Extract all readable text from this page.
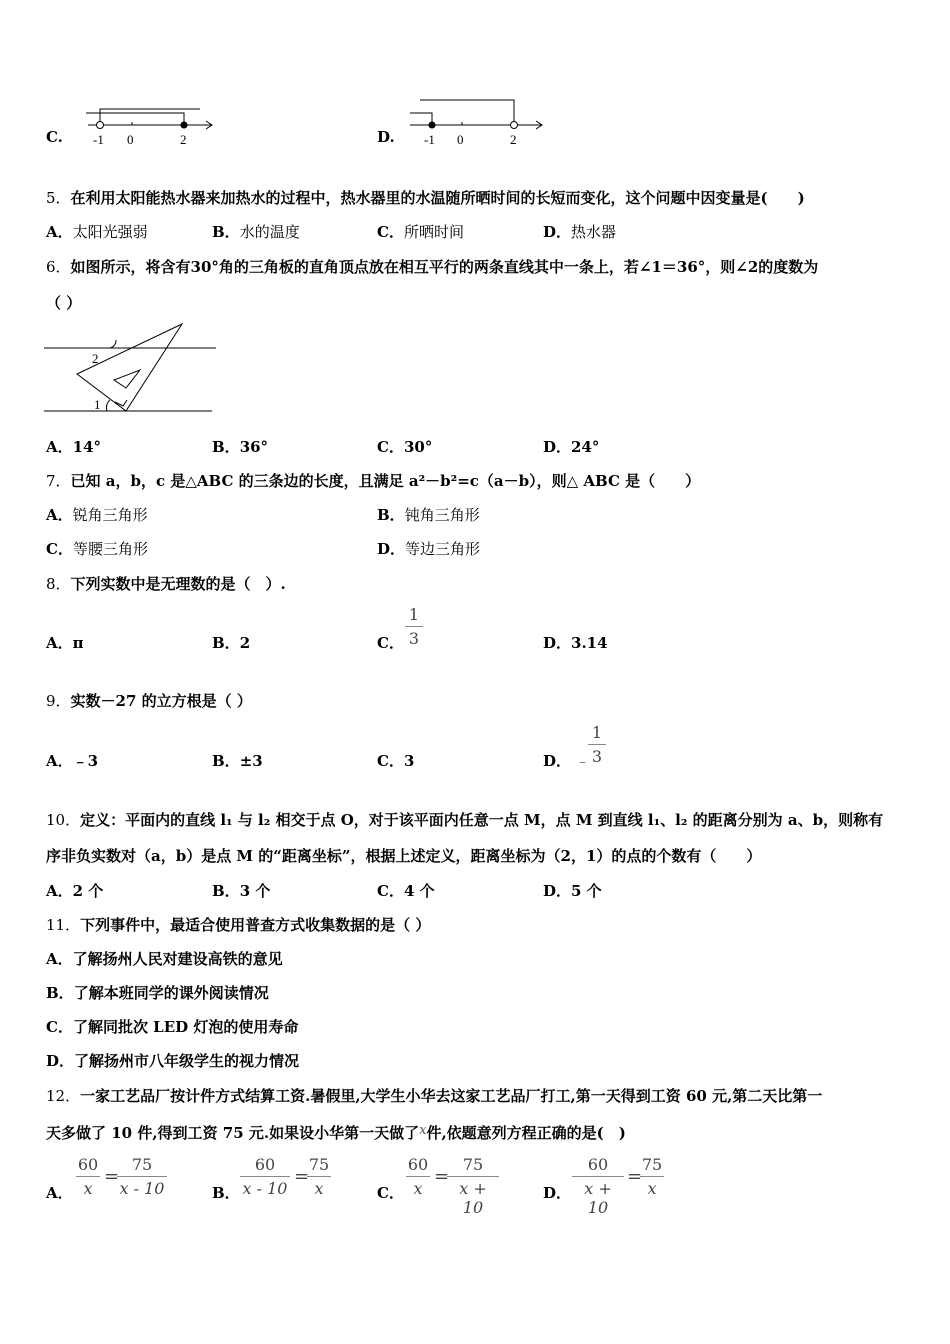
C. -1 0	2	D. -1 0	2
5．在利用太阳能热水器来加热水的过程中，热水器里的水温随所晒时间的长短而变化，这个问题中因变量是(　　)
A．太阳光强弱	B．水的温度	C．所晒时间	D．热水器
6．如图所示，将含有30°角的三角板的直角顶点放在相互平行的两条直线其中一条上，若∠1＝36°，则∠2的度数为
（ ）
2
1
A．14°	B．36°	C．30°	D．24°
7．已知 a，b，c 是△ABC 的三条边的长度，且满足 a²－b²=c（a－b），则△ ABC 是（　　）
A．锐角三角形	B．钝角三角形
C．等腰三角形	D．等边三角形
8．下列实数中是无理数的是（　）.
A．π	B．2	C．
1
3	D．3.14
9．实数－27 的立方根是（ ）
A．﹣3	B．±3	C．3	D． ﹣
1
3
10．定义：平面内的直线 l₁ 与 l₂ 相交于点 O，对于该平面内任意一点 M，点 M 到直线 l₁、l₂ 的距离分别为 a、b，则称有
序非负实数对（a，b）是点 M 的“距离坐标”，根据上述定义，距离坐标为（2，1）的点的个数有（　　）
A．2 个	B．3 个	C．4 个	D．5 个
11．下列事件中，最适合使用普查方式收集数据的是（ ）
A．了解扬州人民对建设高铁的意见
B．了解本班同学的课外阅读情况
C．了解同批次 LED 灯泡的使用寿命
D．了解扬州市八年级学生的视力情况
12．一家工艺品厂按计件方式结算工资.暑假里,大学生小华去这家工艺品厂打工,第一天得到工资 60 元,第二天比第一
天多做了 10 件,得到工资 75 元.如果设小华第一天做了x件,依题意列方程正确的是(　)
A．
60
x
=
75
x - 10	B．
60
x - 10
=
75
x	C．
60
x
=
75
x + 10
D．
60
x + 10
=
75
x
